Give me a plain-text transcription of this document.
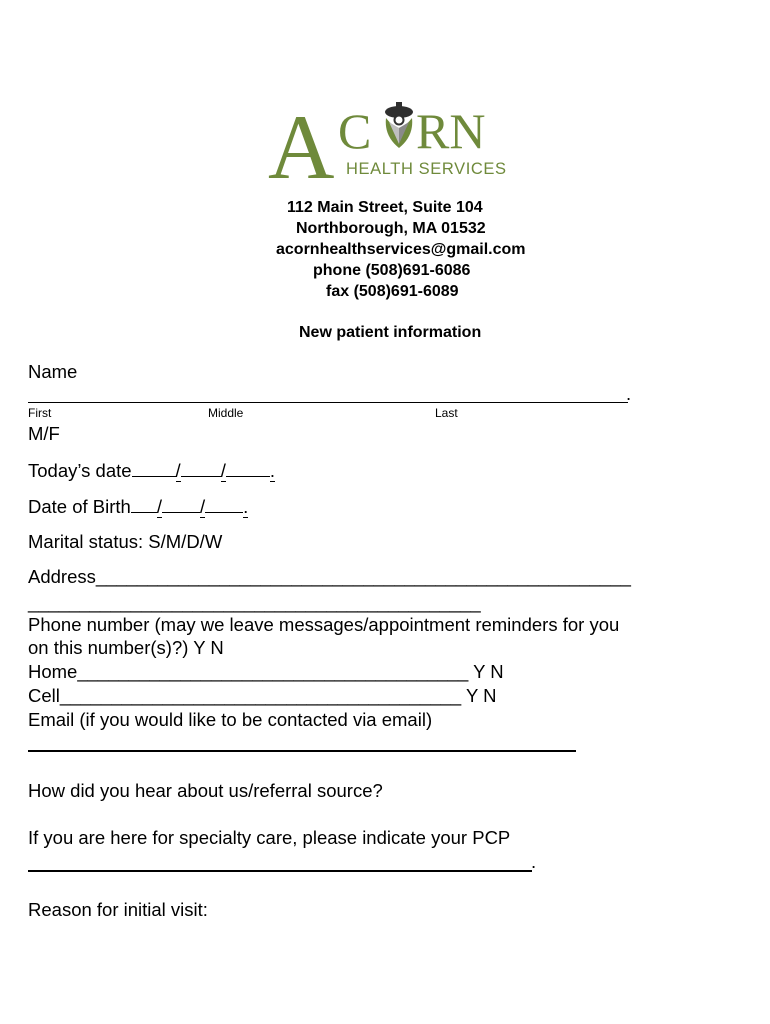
A C RN
HEALTH SERVICES
112 Main Street, Suite 104
Northborough, MA 01532
acornhealthservices@gmail.com
phone (508)691-6086
fax (508)691-6089
New patient information
Name
.
First	Middle	Last
M/F
Today’s date / / .
Date of Birth / / .
Marital status: S/M/D/W
Address____________________________________________________
____________________________________________
Phone number (may we leave messages/appointment reminders for you
on this number(s)?) Y N
Home______________________________________ Y N
Cell_______________________________________ Y N
Email (if you would like to be contacted via email)
How did you hear about us/referral source?
If you are here for specialty care, please indicate your PCP
.
Reason for initial visit:
